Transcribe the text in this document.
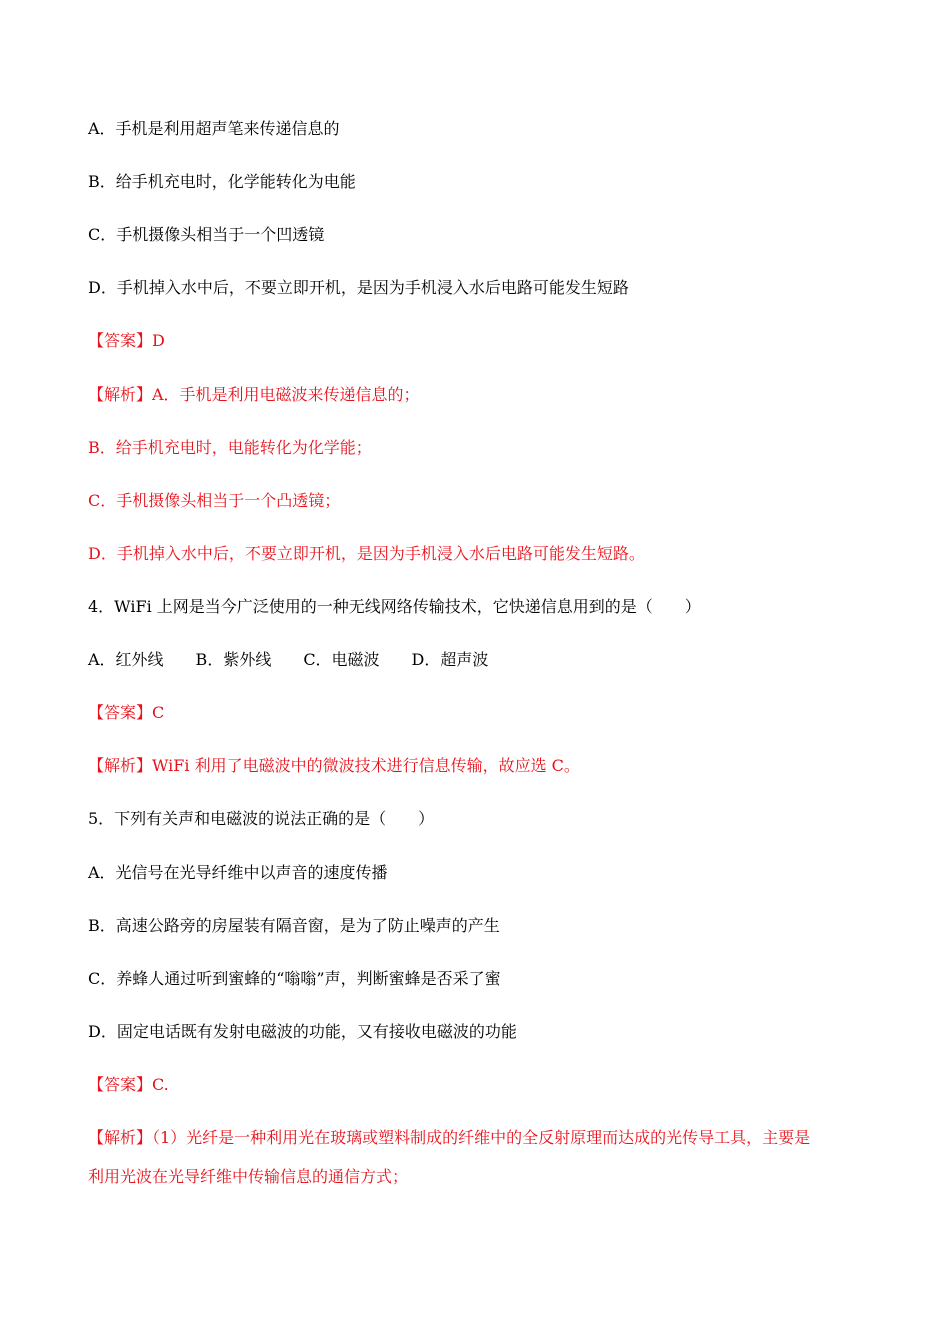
A．手机是利用超声笔来传递信息的
B．给手机充电时，化学能转化为电能
C．手机摄像头相当于一个凹透镜
D．手机掉入水中后，不要立即开机，是因为手机浸入水后电路可能发生短路
【答案】D
【解析】A．手机是利用电磁波来传递信息的；
B．给手机充电时，电能转化为化学能；
C．手机摄像头相当于一个凸透镜；
D．手机掉入水中后，不要立即开机，是因为手机浸入水后电路可能发生短路。
4．WiFi 上网是当今广泛使用的一种无线网络传输技术，它快递信息用到的是（　　）
A．红外线　　B．紫外线　　C．电磁波　　D．超声波
【答案】C
【解析】WiFi 利用了电磁波中的微波技术进行信息传输，故应选 C。
5．下列有关声和电磁波的说法正确的是（　　）
A．光信号在光导纤维中以声音的速度传播
B．高速公路旁的房屋装有隔音窗，是为了防止噪声的产生
C．养蜂人通过听到蜜蜂的“嗡嗡”声，判断蜜蜂是否采了蜜
D．固定电话既有发射电磁波的功能，又有接收电磁波的功能
【答案】C.
【解析】（1）光纤是一种利用光在玻璃或塑料制成的纤维中的全反射原理而达成的光传导工具，主要是
利用光波在光导纤维中传输信息的通信方式；
